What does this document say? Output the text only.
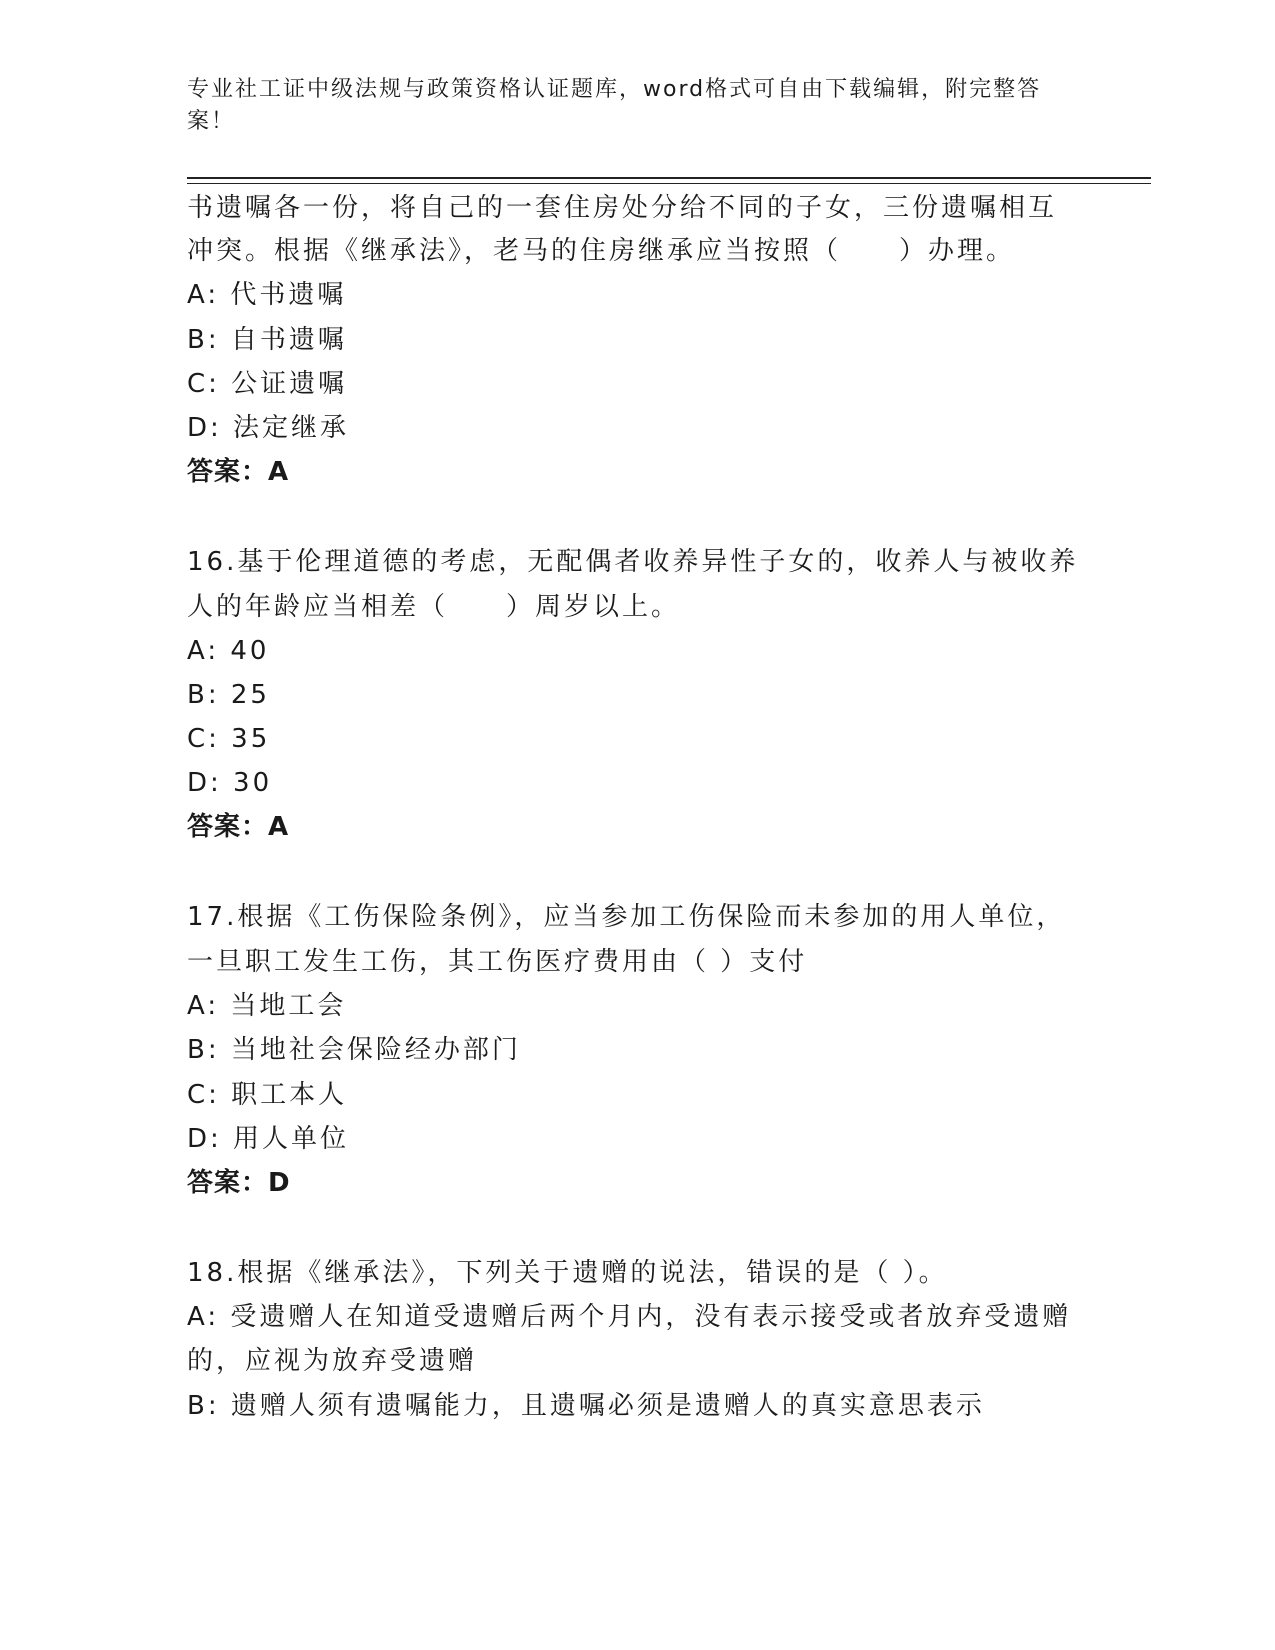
专业社工证中级法规与政策资格认证题库，word格式可自由下载编辑，附完整答案！
书遗嘱各一份，将自己的一套住房处分给不同的子女，三份遗嘱相互
冲突。根据《继承法》，老马的住房继承应当按照（　　）办理。
A: 代书遗嘱
B: 自书遗嘱
C: 公证遗嘱
D: 法定继承
答案：A
16.基于伦理道德的考虑，无配偶者收养异性子女的，收养人与被收养
人的年龄应当相差（　　）周岁以上。
A: 40
B: 25
C: 35
D: 30
答案：A
17.根据《工伤保险条例》，应当参加工伤保险而未参加的用人单位，
一旦职工发生工伤，其工伤医疗费用由（ ）支付
A: 当地工会
B: 当地社会保险经办部门
C: 职工本人
D: 用人单位
答案：D
18.根据《继承法》，下列关于遗赠的说法，错误的是（ ）。
A: 受遗赠人在知道受遗赠后两个月内，没有表示接受或者放弃受遗赠
的，应视为放弃受遗赠
B: 遗赠人须有遗嘱能力，且遗嘱必须是遗赠人的真实意思表示
